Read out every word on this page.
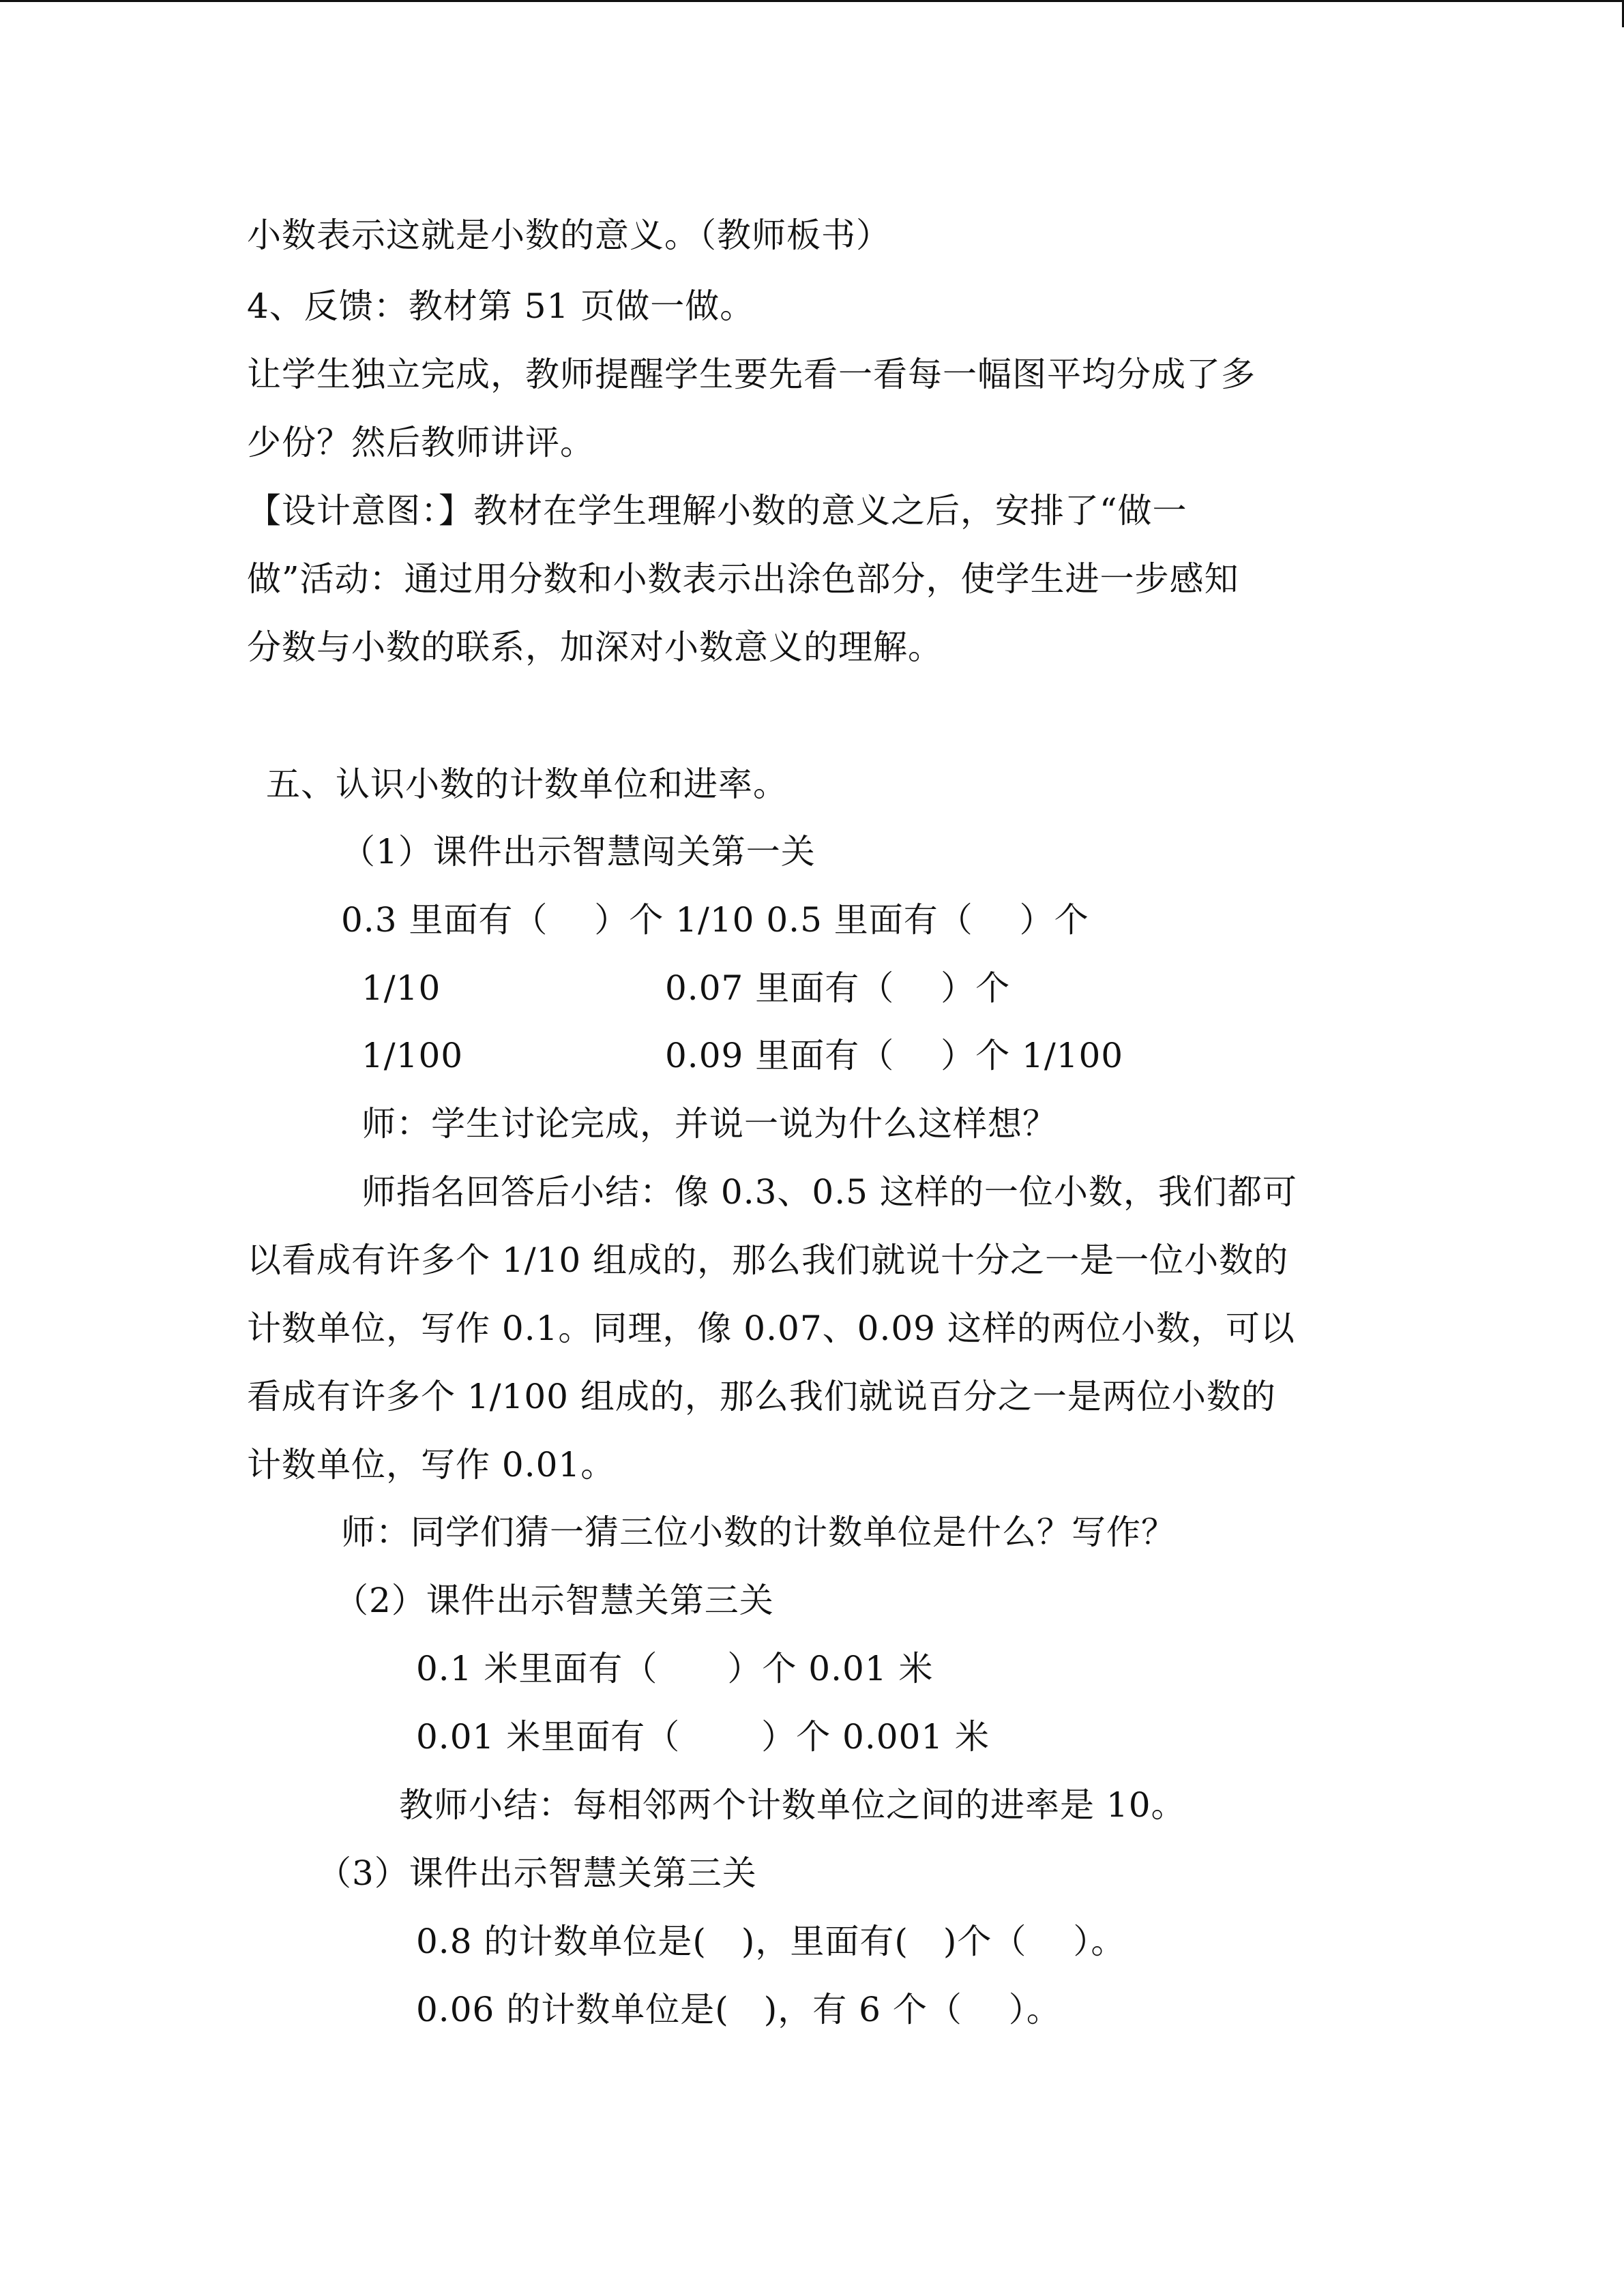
小数表示这就是小数的意义。（教师板书）
4、反馈：教材第 51 页做一做。
让学生独立完成，教师提醒学生要先看一看每一幅图平均分成了多
少份？然后教师讲评。
【设计意图：】教材在学生理解小数的意义之后，安排了“做一
做”活动：通过用分数和小数表示出涂色部分，使学生进一步感知
分数与小数的联系，加深对小数意义的理解。
五、认识小数的计数单位和进率。
（1）课件出示智慧闯关第一关
0.3 里面有（　 ）个 1/10 0.5 里面有（　 ）个
1/10	0.07 里面有（　 ）个
1/100	0.09 里面有（　 ）个 1/100
师：学生讨论完成，并说一说为什么这样想？
师指名回答后小结：像 0.3、0.5 这样的一位小数，我们都可
以看成有许多个 1/10 组成的，那么我们就说十分之一是一位小数的
计数单位，写作 0.1。同理，像 0.07、0.09 这样的两位小数，可以
看成有许多个 1/100 组成的，那么我们就说百分之一是两位小数的
计数单位，写作 0.01。
师：同学们猜一猜三位小数的计数单位是什么？写作？
（2）课件出示智慧关第三关
0.1 米里面有（　　）个 0.01 米
0.01 米里面有（　　 ）个 0.001 米
教师小结：每相邻两个计数单位之间的进率是 10。
（3）课件出示智慧关第三关
0.8 的计数单位是(　)，里面有(　)个（　 ）。
0.06 的计数单位是(　)，有 6 个（　 ）。
